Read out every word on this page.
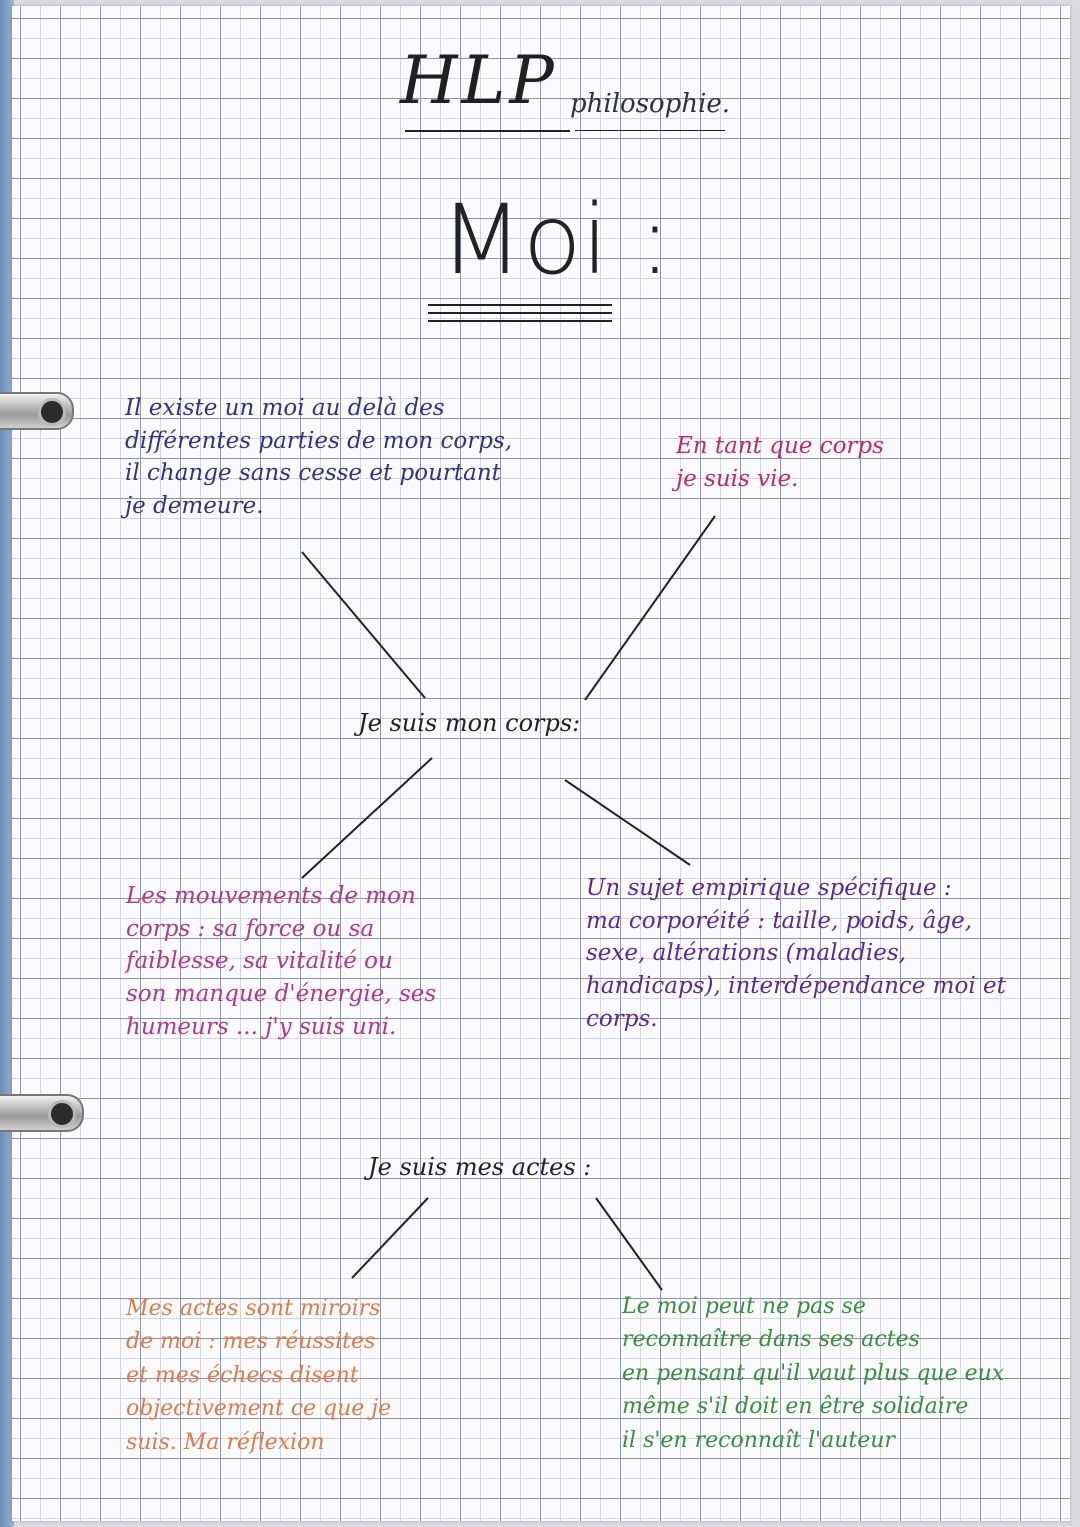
HLP philosophie.
Moi :
Je suis mon corps:
Il existe un moi au delà des
différentes parties de mon corps,
il change sans cesse et pourtant
je demeure.
En tant que corps
je suis vie.
Les mouvements de mon
corps : sa force ou sa
faiblesse, sa vitalité ou
son manque d'énergie, ses
humeurs ... j'y suis uni.
Un sujet empirique spécifique :
ma corporéité : taille, poids, âge,
sexe, altérations (maladies,
handicaps), interdépendance moi et
corps.
Je suis mes actes :
Mes actes sont miroirs
de moi : mes réussites
et mes échecs disent
objectivement ce que je
suis. Ma réflexion
Le moi peut ne pas se
reconnaître dans ses actes
en pensant qu'il vaut plus que eux
même s'il doit en être solidaire
il s'en reconnaît l'auteur
